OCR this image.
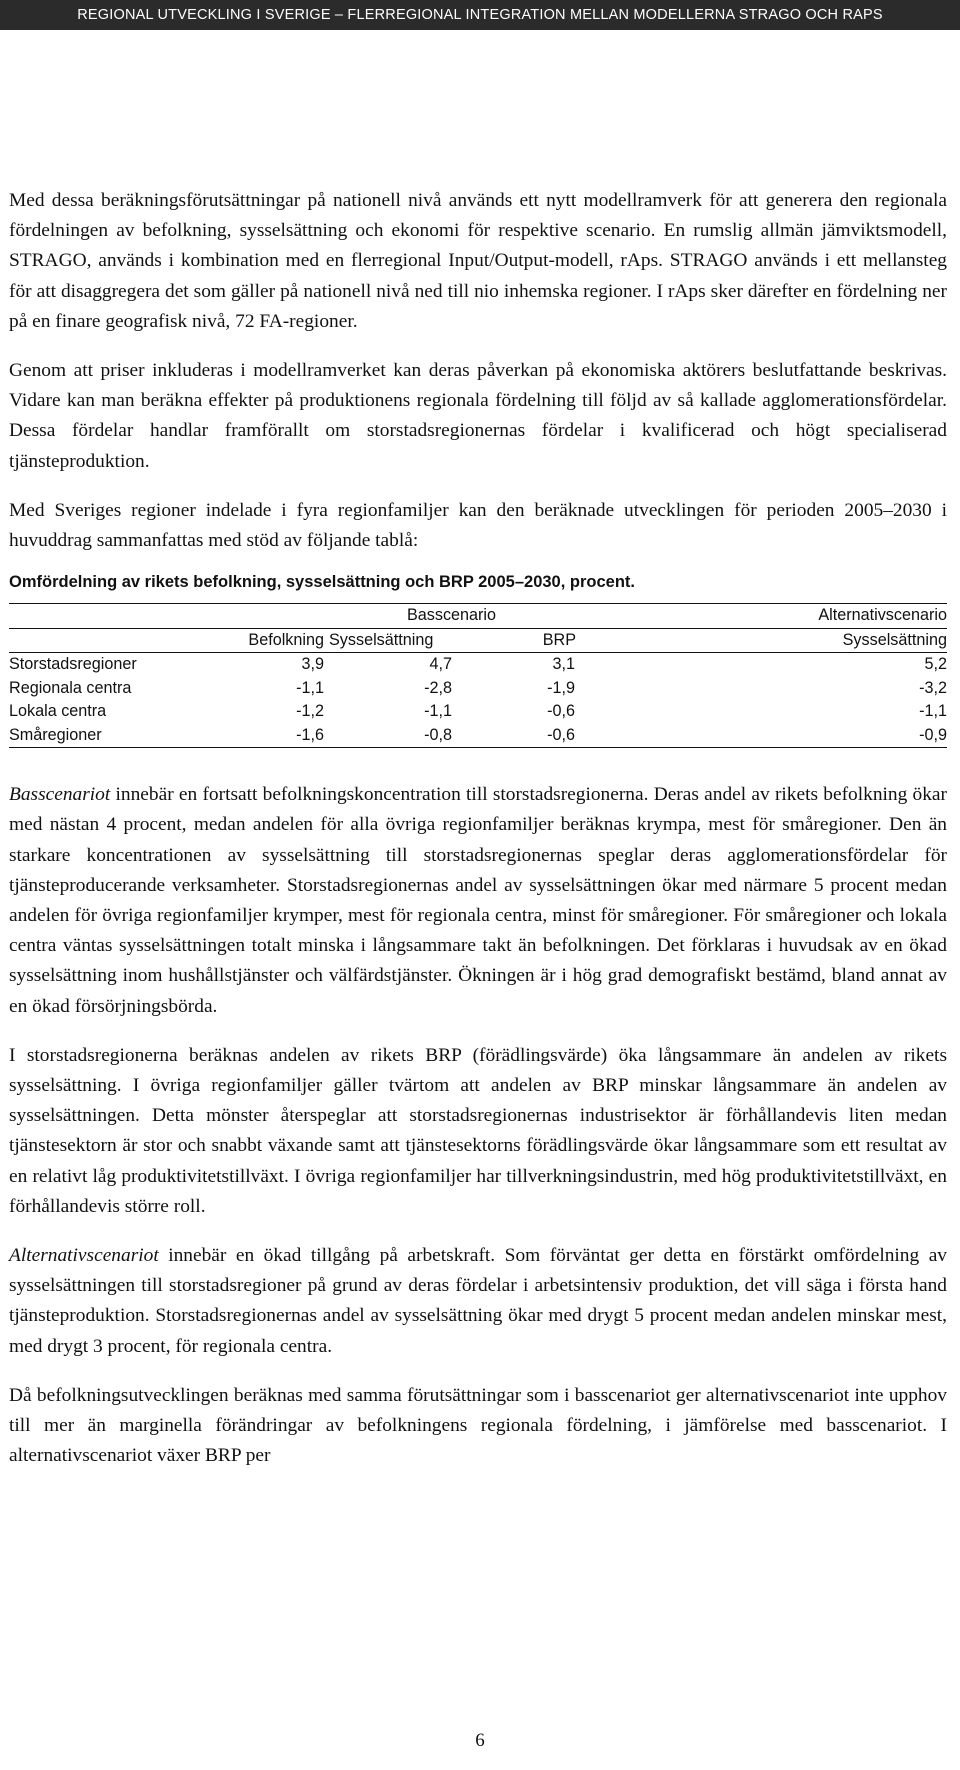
REGIONAL UTVECKLING I SVERIGE – FLERREGIONAL INTEGRATION MELLAN MODELLERNA STRAGO OCH RAPS

Med dessa beräkningsförutsättningar på nationell nivå används ett nytt modellramverk för att generera den regionala fördelningen av befolkning, sysselsättning och ekonomi för respektive scenario. En rumslig allmän jämviktsmodell, STRAGO, används i kombination med en flerregional Input/Output-modell, rAps. STRAGO används i ett mellansteg för att disaggregera det som gäller på nationell nivå ned till nio inhemska regioner. I rAps sker därefter en fördelning ner på en finare geografisk nivå, 72 FA-regioner.

Genom att priser inkluderas i modellramverket kan deras påverkan på ekonomiska aktörers beslutfattande beskrivas. Vidare kan man beräkna effekter på produktionens regionala fördelning till följd av så kallade agglomerationsfördelar. Dessa fördelar handlar framförallt om storstadsregionernas fördelar i kvalificerad och högt specialiserad tjänsteproduktion.

Med Sveriges regioner indelade i fyra regionfamiljer kan den beräknade utvecklingen för perioden 2005–2030 i huvuddrag sammanfattas med stöd av följande tablå:

Omfördelning av rikets befolkning, sysselsättning och BRP 2005–2030, procent.
	Basscenario			Alternativscenario
	Befolkning	Sysselsättning	BRP	Sysselsättning
Storstadsregioner	3,9	4,7	3,1	5,2
Regionala centra	-1,1	-2,8	-1,9	-3,2
Lokala centra	-1,2	-1,1	-0,6	-1,1
Småregioner	-1,6	-0,8	-0,6	-0,9

Basscenariot innebär en fortsatt befolkningskoncentration till storstadsregionerna. Deras andel av rikets befolkning ökar med nästan 4 procent, medan andelen för alla övriga regionfamiljer beräknas krympa, mest för småregioner. Den än starkare koncentrationen av sysselsättning till storstadsregionernas speglar deras agglomerationsfördelar för tjänsteproducerande verksamheter. Storstadsregionernas andel av sysselsättningen ökar med närmare 5 procent medan andelen för övriga regionfamiljer krymper, mest för regionala centra, minst för småregioner. För småregioner och lokala centra väntas sysselsättningen totalt minska i långsammare takt än befolkningen. Det förklaras i huvudsak av en ökad sysselsättning inom hushållstjänster och välfärdstjänster. Ökningen är i hög grad demografiskt bestämd, bland annat av en ökad försörjningsbörda.

I storstadsregionerna beräknas andelen av rikets BRP (förädlingsvärde) öka långsammare än andelen av rikets sysselsättning. I övriga regionfamiljer gäller tvärtom att andelen av BRP minskar långsammare än andelen av sysselsättningen. Detta mönster återspeglar att storstadsregionernas industrisektor är förhållandevis liten medan tjänstesektorn är stor och snabbt växande samt att tjänstesektorns förädlingsvärde ökar långsammare som ett resultat av en relativt låg produktivitetstillväxt. I övriga regionfamiljer har tillverkningsindustrin, med hög produktivitetstillväxt, en förhållandevis större roll.

Alternativscenariot innebär en ökad tillgång på arbetskraft. Som förväntat ger detta en förstärkt omfördelning av sysselsättningen till storstadsregioner på grund av deras fördelar i arbetsintensiv produktion, det vill säga i första hand tjänsteproduktion. Storstadsregionernas andel av sysselsättning ökar med drygt 5 procent medan andelen minskar mest, med drygt 3 procent, för regionala centra.

Då befolkningsutvecklingen beräknas med samma förutsättningar som i basscenariot ger alternativscenariot inte upphov till mer än marginella förändringar av befolkningens regionala fördelning, i jämförelse med basscenariot. I alternativscenariot växer BRP per

6
